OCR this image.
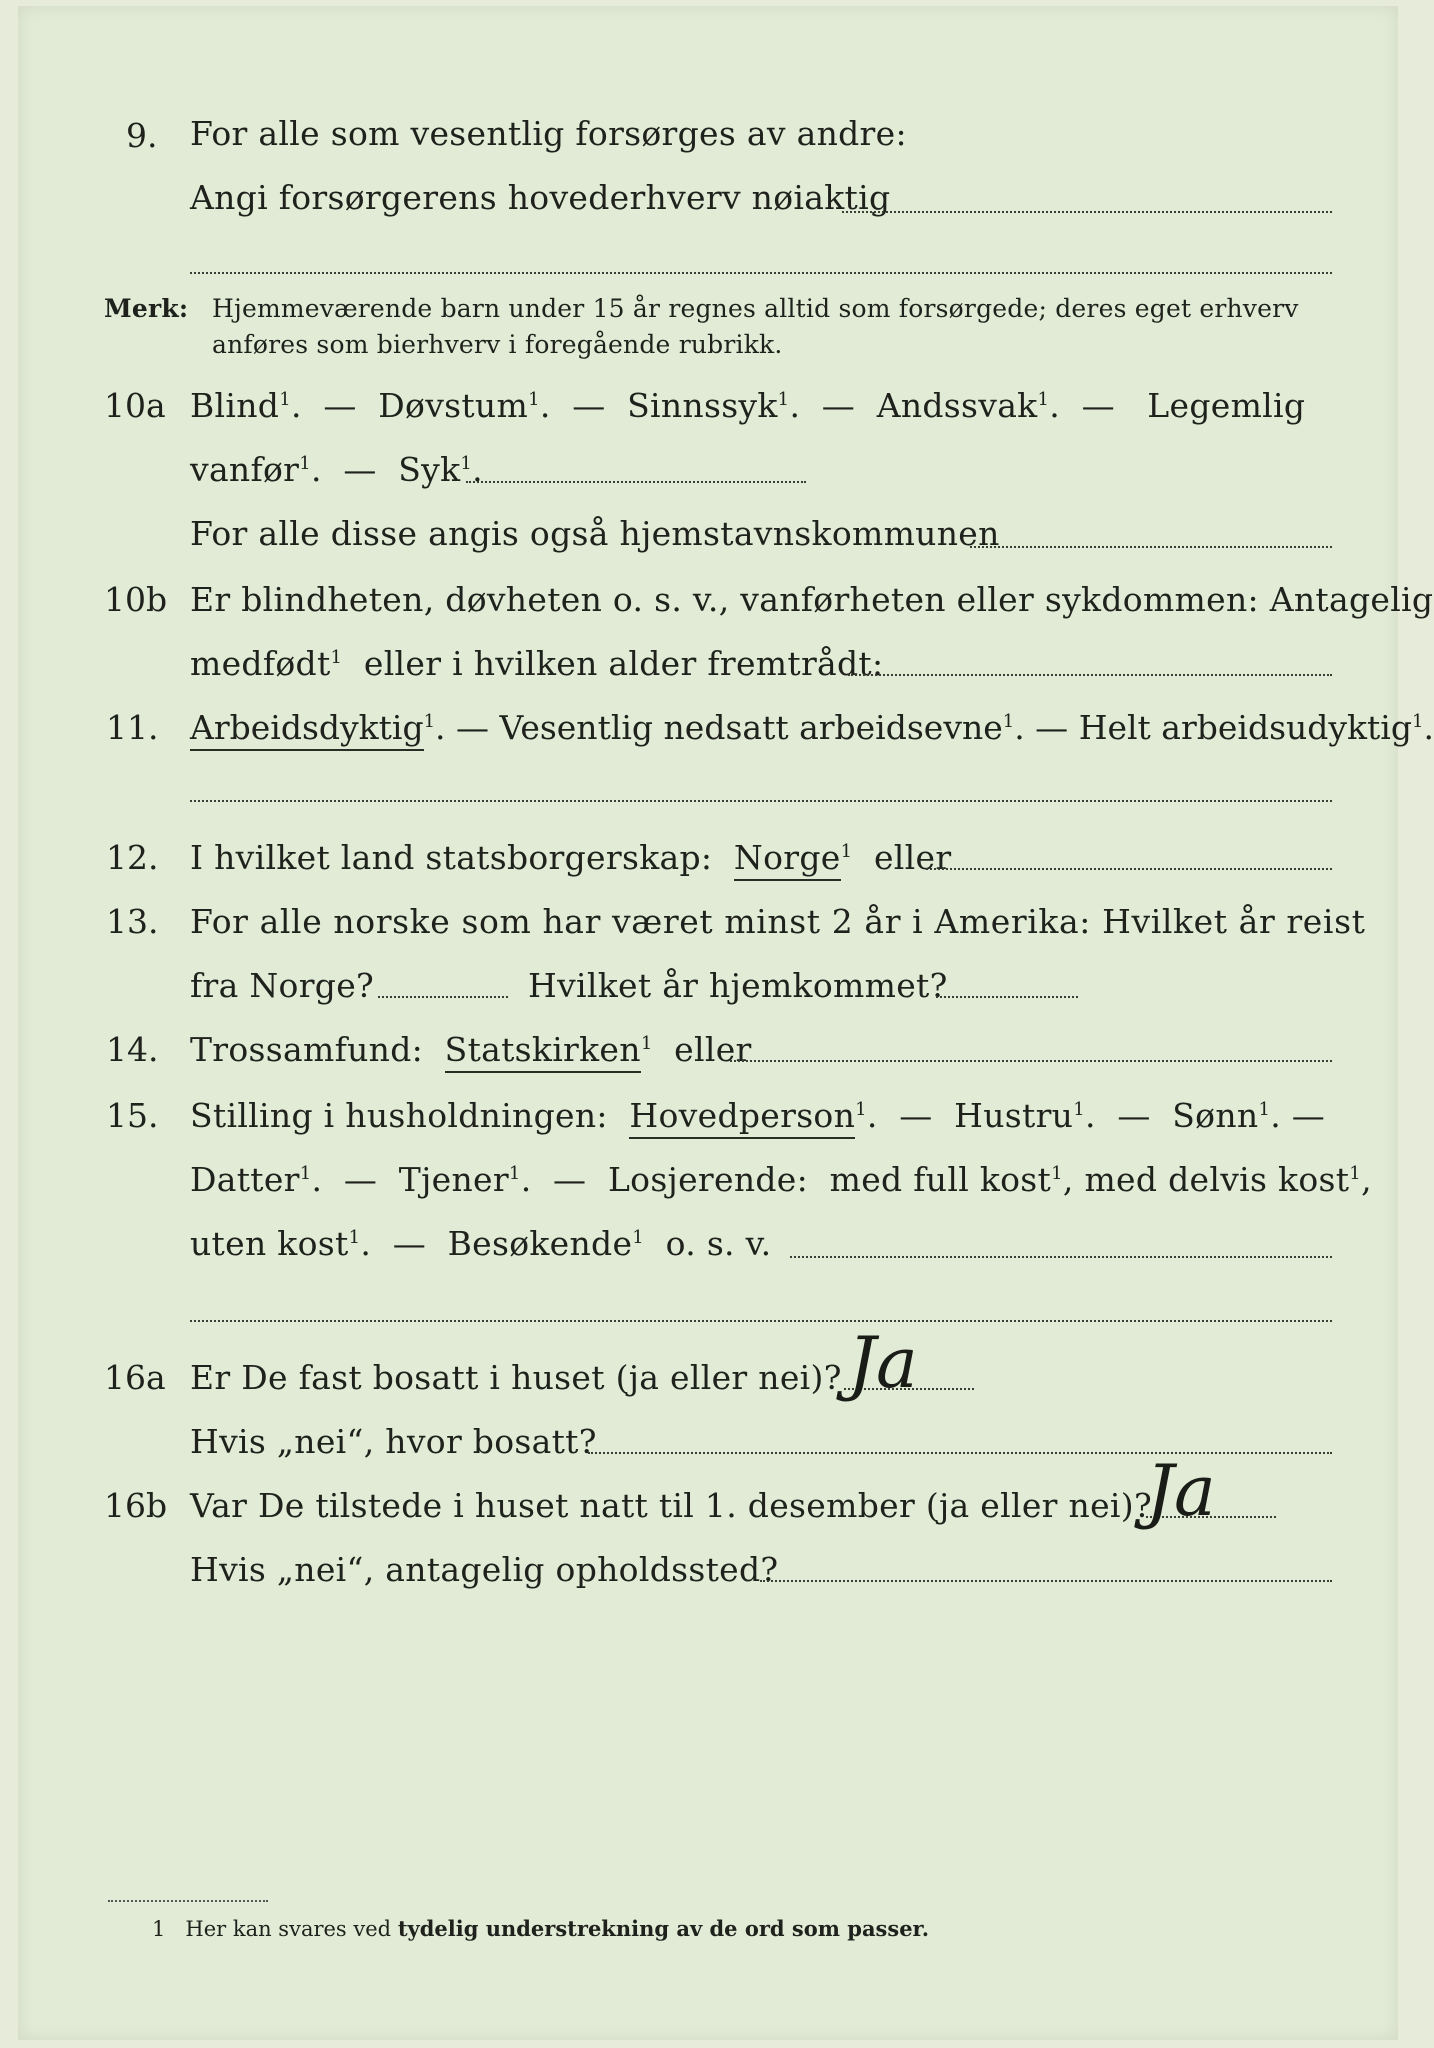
9. For alle som vesentlig forsørges av andre:
Angi forsørgerens hovederhverv nøiaktig
Merk: Hjemmeværende barn under 15 år regnes alltid som forsørgede; deres eget erhverv
anføres som bierhverv i foregående rubrikk.
10a Blind$^1$.  —  Døvstum$^1$.  —  Sinnssyk$^1$.  —  Andssvak$^1$.  —   Legemlig
vanfør$^1$.  —  Syk$^1$.
For alle disse angis også hjemstavnskommunen
10b Er blindheten, døvheten o. s. v., vanførheten eller sykdommen: Antagelig
medfødt$^1$ eller i hvilken alder fremtrådt:
11. Arbeidsdyktig$^1$. — Vesentlig nedsatt arbeidsevne$^1$. — Helt arbeidsudyktig$^1$.
12. I hvilket land statsborgerskap: Norge$^1$ eller
13. For alle norske som har været minst 2 år i Amerika: Hvilket år reist
fra Norge?	Hvilket år hjemkommet?
14. Trossamfund: Statskirken$^1$ eller
15. Stilling i husholdningen: Hovedperson$^1$.  —  Hustru$^1$.  —  Sønn$^1$. —
Datter$^1$.  —  Tjener$^1$.  —  Losjerende: med full kost$^1$, med delvis kost$^1$,
uten kost$^1$.  —  Besøkende$^1$ o. s. v.
16a Er De fast bosatt i huset (ja eller nei)? Ja
Hvis „nei“, hvor bosatt?
16b Var De tilstede i huset natt til 1. desember (ja eller nei)?
Ja
Hvis „nei“, antagelig opholdssted?
1 Her kan svares ved tydelig understrekning av de ord som passer.
